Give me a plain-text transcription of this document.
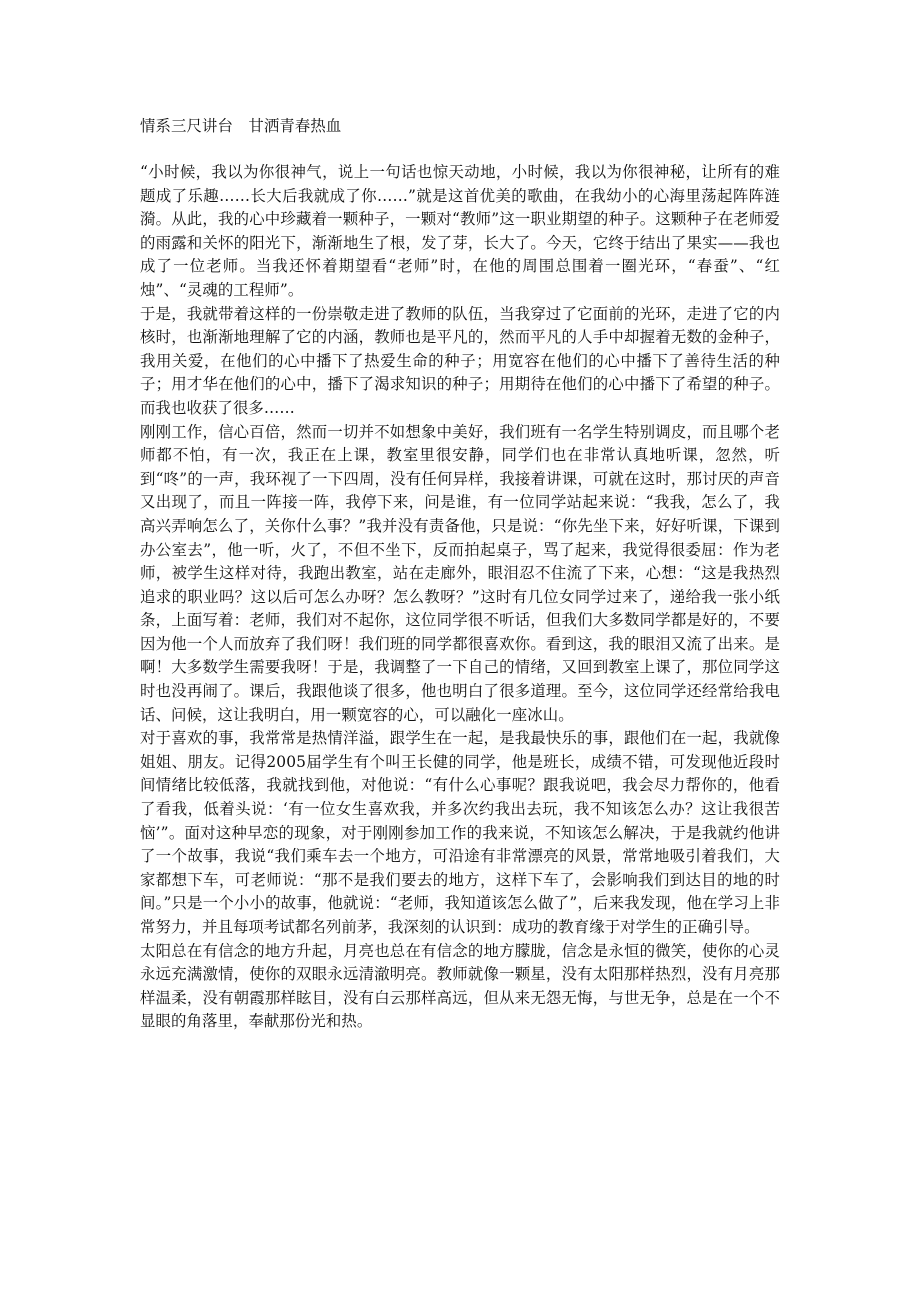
情系三尺讲台　甘洒青春热血

“小时候，我以为你很神气，说上一句话也惊天动地，小时候，我以为你很神秘，让所有的难题成了乐趣……长大后我就成了你……”就是这首优美的歌曲，在我幼小的心海里荡起阵阵涟漪。从此，我的心中珍藏着一颗种子，一颗对“教师”这一职业期望的种子。这颗种子在老师爱的雨露和关怀的阳光下，渐渐地生了根，发了芽，长大了。今天，它终于结出了果实——我也成了一位老师。当我还怀着期望看“老师”时，在他的周围总围着一圈光环，“春蚕”、“红烛”、“灵魂的工程师”。

于是，我就带着这样的一份崇敬走进了教师的队伍，当我穿过了它面前的光环，走进了它的内核时，也渐渐地理解了它的内涵，教师也是平凡的，然而平凡的人手中却握着无数的金种子，我用关爱，在他们的心中播下了热爱生命的种子；用宽容在他们的心中播下了善待生活的种子；用才华在他们的心中，播下了渴求知识的种子；用期待在他们的心中播下了希望的种子。而我也收获了很多……

刚刚工作，信心百倍，然而一切并不如想象中美好，我们班有一名学生特别调皮，而且哪个老师都不怕，有一次，我正在上课，教室里很安静，同学们也在非常认真地听课，忽然，听到“咚”的一声，我环视了一下四周，没有任何异样，我接着讲课，可就在这时，那讨厌的声音又出现了，而且一阵接一阵，我停下来，问是谁，有一位同学站起来说：“我我，怎么了，我高兴弄响怎么了，关你什么事？”我并没有责备他，只是说：“你先坐下来，好好听课，下课到办公室去”，他一听，火了，不但不坐下，反而拍起桌子，骂了起来，我觉得很委屈：作为老师，被学生这样对待，我跑出教室，站在走廊外，眼泪忍不住流了下来，心想：“这是我热烈追求的职业吗？这以后可怎么办呀？怎么教呀？”这时有几位女同学过来了，递给我一张小纸条，上面写着：老师，我们对不起你，这位同学很不听话，但我们大多数同学都是好的，不要因为他一个人而放弃了我们呀！我们班的同学都很喜欢你。看到这，我的眼泪又流了出来。是啊！大多数学生需要我呀！于是，我调整了一下自己的情绪，又回到教室上课了，那位同学这时也没再闹了。课后，我跟他谈了很多，他也明白了很多道理。至今，这位同学还经常给我电话、问候，这让我明白，用一颗宽容的心，可以融化一座冰山。

对于喜欢的事，我常常是热情洋溢，跟学生在一起，是我最快乐的事，跟他们在一起，我就像姐姐、朋友。记得2005届学生有个叫王长健的同学，他是班长，成绩不错，可发现他近段时间情绪比较低落，我就找到他，对他说：“有什么心事呢？跟我说吧，我会尽力帮你的，他看了看我，低着头说：‘有一位女生喜欢我，并多次约我出去玩，我不知该怎么办？这让我很苦恼’”。面对这种早恋的现象，对于刚刚参加工作的我来说，不知该怎么解决，于是我就约他讲了一个故事，我说“我们乘车去一个地方，可沿途有非常漂亮的风景，常常地吸引着我们，大家都想下车，可老师说：“那不是我们要去的地方，这样下车了，会影响我们到达目的地的时间。”只是一个小小的故事，他就说：“老师，我知道该怎么做了”，后来我发现，他在学习上非常努力，并且每项考试都名列前茅，我深刻的认识到：成功的教育缘于对学生的正确引导。

太阳总在有信念的地方升起，月亮也总在有信念的地方朦胧，信念是永恒的微笑，使你的心灵永远充满激情，使你的双眼永远清澈明亮。教师就像一颗星，没有太阳那样热烈，没有月亮那样温柔，没有朝霞那样眩目，没有白云那样高远，但从来无怨无悔，与世无争，总是在一个不显眼的角落里，奉献那份光和热。
